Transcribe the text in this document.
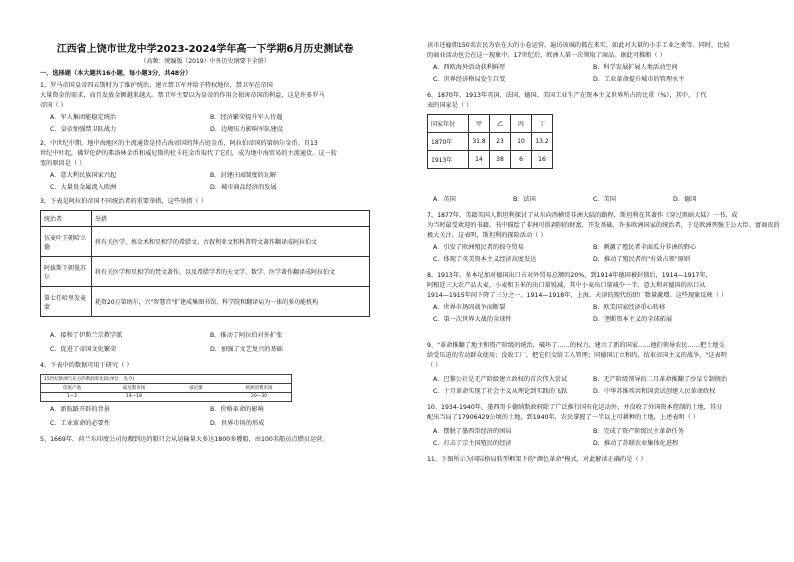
江西省上饶市世龙中学2023-2024学年高一下学期6月历史测试卷
（高频：统编版（2019）中外历史纲要下全册）
一、选择题（本大题共16小题，每小题3分，共48分）
1、罗马帝国皇帝四五斯时为了维护统治，建立禁卫军并给予特权地位，禁卫军在帝国
大量资金的需求，而且发放金额越来越大。禁卫军主要以为皇帝的作用会损害帝国的利益，这是许多罗马
帝国（ ）
A．军人集团能稳定统治	B．经济繁荣提升军人待遇
C．皇帝加强禁卫队战力	D．边境压力影响军队建设
2、中世纪中期，地中海地区的主流通货是持占海帝国的拜占庭金币、阿拉伯帝国的第纳尔金币。自13
世纪中叶起，佛罗伦萨的弗洛林金币和威尼斯的杜卡托金币取代了它们，成为地中海贸易的主流通货。这一转
变的原因是（ ）
A．意大利民族国家兴起	B．封建庄园制度的瓦解
C．大量贵金属流入欧洲	D．城市商品经济的发展
3、下表是阿拉伯帝国不同统治者的重要举措，这些举措（ ）
统治者	举措
伍麦叶王朝哈立德	将有关医学、炼金术和星相学的希腊文、古叙利亚文和科普特文著作翻译成阿拉伯文
阿拔斯王朝曼苏尔	将有关医学和星相学的梵文著作，以及希腊学者的天文学、数学、医学著作翻译成阿拉伯文
第七任哈里发麦蒙	耗资20万第纳尔，兴"智慧宫"扩建成集图书馆、科学院和翻译局为一体的多功能机构
A．接和了伊斯兰宗教学派	B．推动了阿拉伯对外扩张
C．促进了帝国文化繁荣	D．加强了文艺复兴的基础
4、下表中的数据可用于研究（ ）
15世纪欧洲与东方的利润率比较(单位：先令)
印度产地	威尼斯市场	威尼斯	欧洲消费市场
1—2	14—18	20—30
A．新航路开辟的背景	B．价格革命的影响
C．工业革命的必要性	D．世界市场的形成
5、1669年，荷兰东印度公司每艘到达的船只会从运输量大多达1800多艘船，由100名船员点燃员运营。
该市还雇佣150名农民为农在大的小卷运营，遍访该城的都在来实，如此对大量的小手工业之类等。同时，比较
的商业活动也会在这一现象中。17世纪后，欧洲人第一次领取了商品。据此可推断（ ）
A．西欧海外活动获利鲜厚	B．科学发展扩展人类活动空间
C．世界经济格局发生巨变	D．工业革命提升城市的管理水平
6、1870年、1913年英国、法国、德国、美国工业生产在资本主义世界所占的比重（%），其中，丁代
表的国家是（ ）
国家年份	甲	乙	丙	丁
1870年	31.8	23	10	13.2
1913年	14	38	6	16
A．英国	B．法国	C．美国	D．德国
7、1877年，美籍英国人斯坦利探讨了从东向西横贯非洲大陆的路程，斯坦利在其著作《穿过黑暗大陆》一书，成
为当时最受欢迎的书籍。书中描绘了非洲可供剥削的财富，开发基础，许多欧洲国家的统治者，于是欧洲列强王公大臣、富商贵的
极大关注。这表明，斯坦利的探险活动（ ）
A．引发了欧洲殖民者的掠夺贸易	B．刺激了殖民者全面瓜分非洲的野心
C．体现了英美资本主义经济高度发达	D．推动了殖民者的"有效占领"原则
8、1913年，多本尼加对德国出口占对外贸易总额的20%，到1914年德国被封锁后，1914—1917年，
阿根廷三大农产品大麦、小麦和玉米的出口量锐减，其中小麦出口量减少一半，意大利对德国的出口从
1914—1915年间下降了三分之一。1914—1918年，上海、天津的现代纺织厂数量激增。这些现象反映（ ）
A．世界市场因战争而断裂	B．欧美国家经济重心转移
C．第一次世界大战的全球性	D．垄断资本主义的全球拓展
9、"革命推翻了地主和资产阶级的统治，破坏了……的权力，建立了新的国家……他们领导农民……把土地交
给受压迫的劳动群众使用；没收工厂，把它们交给工人管理；同德国订立和约，结束帝国主义的战争。"这表明
（ ）
A．巴黎公社是无产阶级建立政权的首次伟大尝试	B．无产阶级领导的二月革命推翻了沙皇专制统治
C．十月革命实现了社会主义从理论到实践的飞跃	D．中华苏维埃共和国尝试创建人民革命政权
10、1934-1940年，墨西哥卡德纳斯政府除了广泛推行国有化运动外，并没收了外国资本控制的土地，其分
配出当局了17906429公顷的土地，到1940年，农民掌握了一半以上可耕种的土地，上述表明（ ）
A．摆脱了墨西哥经济的困局	B．完成了资产阶级民主革命任务
C．打击了宗主国殖民的经济	D．推动了苏联农业集体化进程
11、下图所示为国际格局转型框架下的"颜色革命"模式，对此解读正确的是（ ）
